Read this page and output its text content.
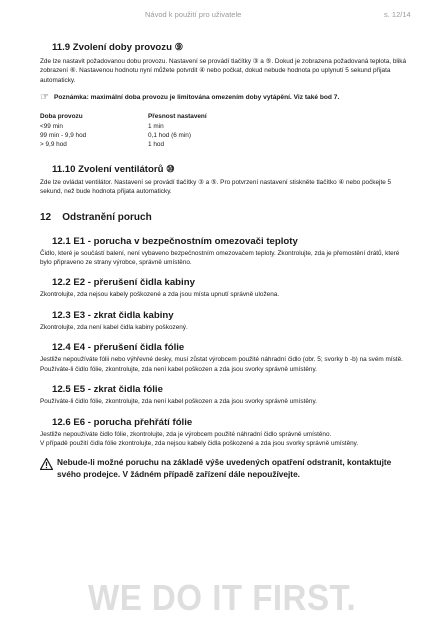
Návod k použití pro uživatele	s. 12/14
11.9 Zvolení doby provozu ⑨

Zde lze nastavit požadovanou dobu provozu. Nastavení se provádí tlačítky ③ a ⑤. Dokud je zobrazena požadovaná teplota, bliká zobrazení ⑥. Nastavenou hodnotu nyní můžete potvrdit ④ nebo počkat, dokud nebude hodnota po uplynutí 5 sekund přijata automaticky.

☞ Poznámka: maximální doba provozu je limitována omezením doby vytápění. Viz také bod 7.
Doba provozu	Přesnost nastavení
<99 min	1 min
99 min - 9,9 hod	0,1 hod (6 min)
> 9,9 hod	1 hod
11.10 Zvolení ventilátorů ⑩

Zde lze ovládat ventilátor. Nastavení se provádí tlačítky ③ a ⑤. Pro potvrzení nastavení stiskněte tlačítko ④ nebo počkejte 5 sekund, než bude hodnota přijata automaticky.

12    Odstranění poruch
12.1 E1 - porucha v bezpečnostním omezovači teploty

Čidlo, které je součástí balení, není vybaveno bezpečnostním omezovačem teploty. Zkontrolujte, zda je přemostění drátů, které bylo připraveno ze strany výrobce, správně umístěno.

12.2 E2 - přerušení čidla kabiny

Zkontrolujte, zda nejsou kabely poškozené a zda jsou místa upnutí správně uložena.

12.3 E3 - zkrat čidla kabiny

Zkontrolujte, zda není kabel čidla kabiny poškozený.

12.4 E4 - přerušení čidla fólie

Jestliže nepoužíváte fólii nebo výhřevné desky, musí zůstat výrobcem použité náhradní čidlo (obr. 5; svorky b -b) na svém místě.

Používáte-li čidlo fólie, zkontrolujte, zda není kabel poškozen a zda jsou svorky správně umístěny.

12.5 E5 - zkrat čidla fólie

Používáte-li čidlo fólie, zkontrolujte, zda není kabel poškozen a zda jsou svorky správně umístěny.

12.6 E6 - porucha přehřátí fólie

Jestliže nepoužíváte čidlo fólie, zkontrolujte, zda je výrobcem použité náhradní čidlo správně umístěno.

V případě použití čidla fólie zkontrolujte, zda nejsou kabely čidla poškozené a zda jsou svorky správně umístěny.

Nebude-li možné poruchu na základě výše uvedených opatření odstranit, kontaktujte svého prodejce. V žádném případě zařízení dále nepoužívejte.
WE DO IT FIRST.
